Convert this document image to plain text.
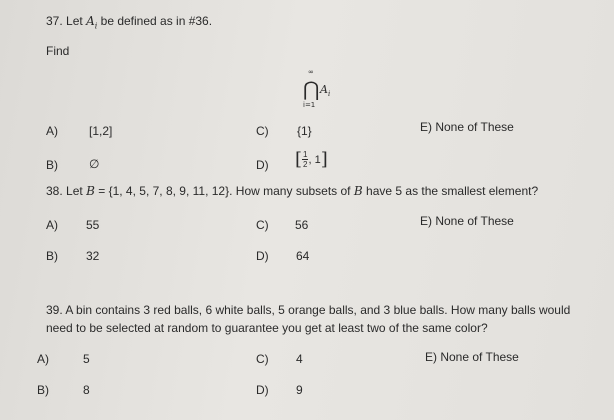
37. Let $A_i$ be defined as in #36.
Find
∞
⋂ $A_i$
i=1
A)	[1,2]	C) {1}	E) None of These
B)	∅	D) [ $\frac{1}{2}$ , 1 ]
38. Let B = {1, 4, 5, 7, 8, 9, 11, 12}. How many subsets of B have 5 as the smallest element?
A) 55	C) 56	E) None of These
B) 32	D) 64
39. A bin contains 3 red balls, 6 white balls, 5 orange balls, and 3 blue balls. How many balls would
need to be selected at random to guarantee you get at least two of the same color?
A)	5	C) 4	E) None of These
B)	8	D) 9
